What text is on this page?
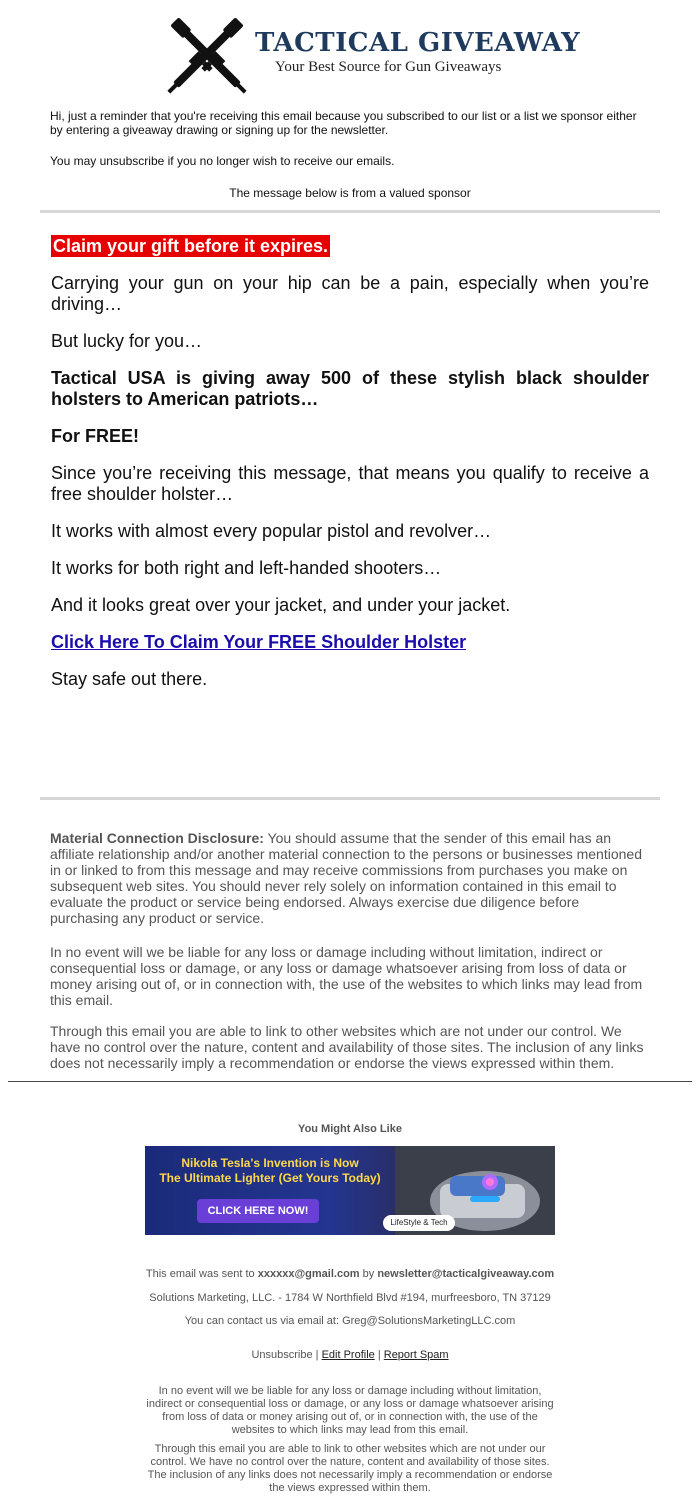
TACTICAL GIVEAWAY
Your Best Source for Gun Giveaways
Hi, just a reminder that you're receiving this email because you subscribed to our list or a list we sponsor either by entering a giveaway drawing or signing up for the newsletter.
You may unsubscribe if you no longer wish to receive our emails.
The message below is from a valued sponsor
Claim your gift before it expires.
Carrying your gun on your hip can be a pain, especially when you’re driving…
But lucky for you…
Tactical USA is giving away 500 of these stylish black shoulder holsters to American patriots…
For FREE!
Since you’re receiving this message, that means you qualify to receive a free shoulder holster…
It works with almost every popular pistol and revolver…
It works for both right and left-handed shooters…
And it looks great over your jacket, and under your jacket.
Click Here To Claim Your FREE Shoulder Holster
Stay safe out there.
Material Connection Disclosure: You should assume that the sender of this email has an affiliate relationship and/or another material connection to the persons or businesses mentioned in or linked to from this message and may receive commissions from purchases you make on subsequent web sites. You should never rely solely on information contained in this email to evaluate the product or service being endorsed. Always exercise due diligence before purchasing any product or service.
In no event will we be liable for any loss or damage including without limitation, indirect or consequential loss or damage, or any loss or damage whatsoever arising from loss of data or money arising out of, or in connection with, the use of the websites to which links may lead from this email.
Through this email you are able to link to other websites which are not under our control. We have no control over the nature, content and availability of those sites. The inclusion of any links does not necessarily imply a recommendation or endorse the views expressed within them.
You Might Also Like
Nikola Tesla's Invention is Now
The Ultimate Lighter (Get Yours Today)
CLICK HERE NOW!
LifeStyle & Tech
This email was sent to xxxxxx@gmail.com by newsletter@tacticalgiveaway.com
Solutions Marketing, LLC. - 1784 W Northfield Blvd #194, murfreesboro, TN 37129
You can contact us via email at: Greg@SolutionsMarketingLLC.com
Unsubscribe | Edit Profile | Report Spam
In no event will we be liable for any loss or damage including without limitation, indirect or consequential loss or damage, or any loss or damage whatsoever arising from loss of data or money arising out of, or in connection with, the use of the websites to which links may lead from this email.
Through this email you are able to link to other websites which are not under our control. We have no control over the nature, content and availability of those sites. The inclusion of any links does not necessarily imply a recommendation or endorse the views expressed within them.
